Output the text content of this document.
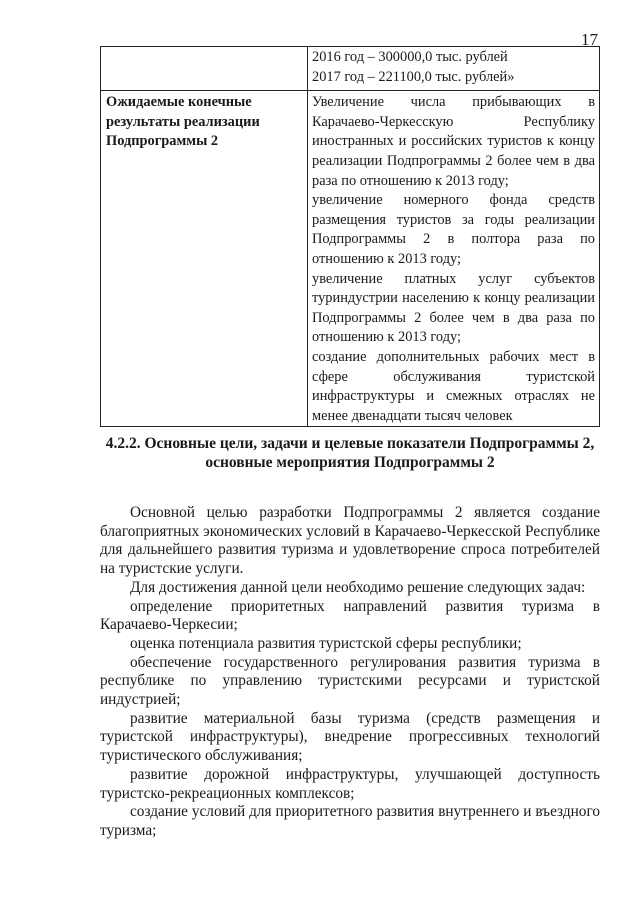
17

	2016 год – 300000,0 тыс. рублей
2017 год – 221100,0 тыс. рублей»

Ожидаемые конечные результаты реализации Подпрограммы 2	Увеличение числа прибывающих в Карачаево-Черкесскую Республику иностранных и российских туристов к концу реализации Подпрограммы 2 более чем в два раза по отношению к 2013 году;
увеличение номерного фонда средств размещения туристов за годы реализации Подпрограммы 2 в полтора раза по отношению к 2013 году;
увеличение платных услуг субъектов туриндустрии населению к концу реализации Подпрограммы 2 более чем в два раза по отношению к 2013 году;
создание дополнительных рабочих мест в сфере обслуживания туристской инфраструктуры и смежных отраслях не менее двенадцати тысяч человек
4.2.2. Основные цели, задачи и целевые показатели Подпрограммы 2,
основные мероприятия Подпрограммы 2

Основной целью разработки Подпрограммы 2 является создание благоприятных экономических условий в Карачаево-Черкесской Республике для дальнейшего развития туризма и удовлетворение спроса потребителей на туристские услуги.

Для достижения данной цели необходимо решение следующих задач:

определение приоритетных направлений развития туризма в Карачаево-Черкесии;

оценка потенциала развития туристской сферы республики;

обеспечение государственного регулирования развития туризма в республике по управлению туристскими ресурсами и туристской индустрией;

развитие материальной базы туризма (средств размещения и туристской инфраструктуры), внедрение прогрессивных технологий туристического обслуживания;

развитие дорожной инфраструктуры, улучшающей доступность туристско-рекреационных комплексов;

создание условий для приоритетного развития внутреннего и въездного туризма;
